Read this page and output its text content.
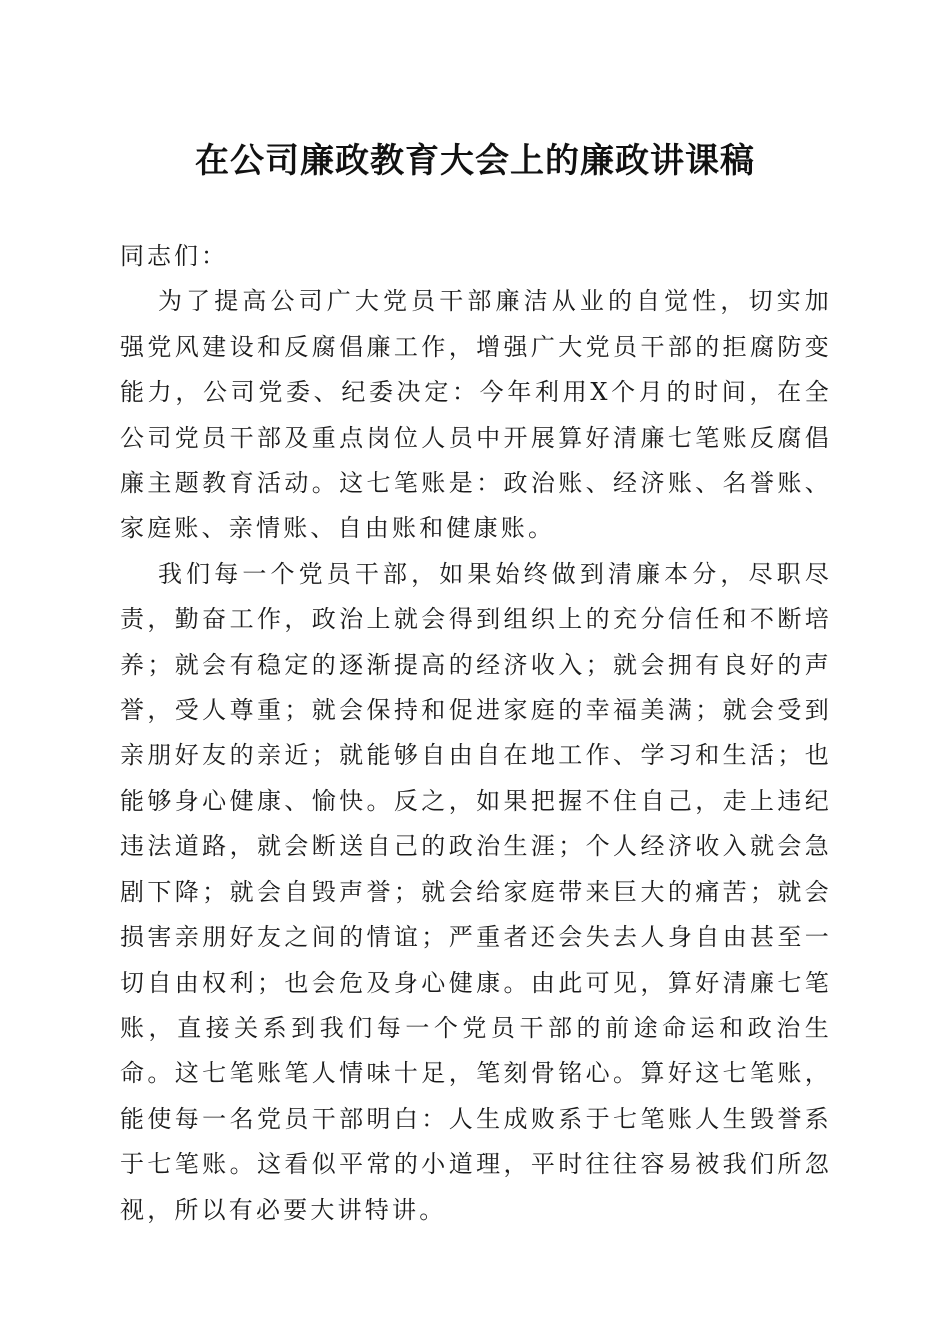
在公司廉政教育大会上的廉政讲课稿

同志们：

为了提高公司广大党员干部廉洁从业的自觉性，切实加强党风建设和反腐倡廉工作，增强广大党员干部的拒腐防变能力，公司党委、纪委决定：今年利用X个月的时间，在全公司党员干部及重点岗位人员中开展算好清廉七笔账反腐倡廉主题教育活动。这七笔账是：政治账、经济账、名誉账、家庭账、亲情账、自由账和健康账。

我们每一个党员干部，如果始终做到清廉本分，尽职尽责，勤奋工作，政治上就会得到组织上的充分信任和不断培养；就会有稳定的逐渐提高的经济收入；就会拥有良好的声誉，受人尊重；就会保持和促进家庭的幸福美满；就会受到亲朋好友的亲近；就能够自由自在地工作、学习和生活；也能够身心健康、愉快。反之，如果把握不住自己，走上违纪违法道路，就会断送自己的政治生涯；个人经济收入就会急剧下降；就会自毁声誉；就会给家庭带来巨大的痛苦；就会损害亲朋好友之间的情谊；严重者还会失去人身自由甚至一切自由权利；也会危及身心健康。由此可见，算好清廉七笔账，直接关系到我们每一个党员干部的前途命运和政治生命。这七笔账笔人情味十足，笔刻骨铭心。算好这七笔账，能使每一名党员干部明白：人生成败系于七笔账人生毁誉系于七笔账。这看似平常的小道理，平时往往容易被我们所忽视，所以有必要大讲特讲。
